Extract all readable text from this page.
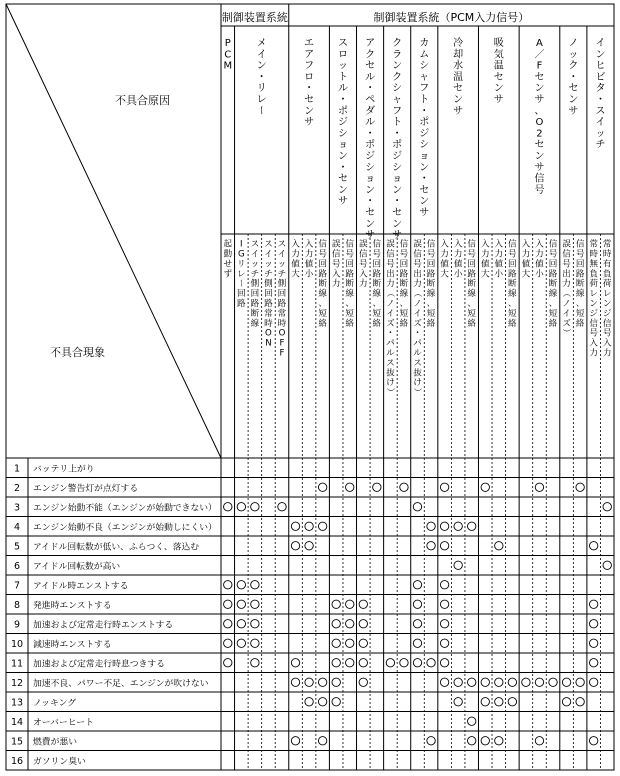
制御装置系統	制御装置系統（PCM入力信号）
不具合原因
不具合現象
P
C
M
メ
イ
ン
・
リ
レ
ー
エ
ア
フ
ロ
・
セ
ン
サ
ス
ロ
ッ
ト
ル
・
ポ
ジ
シ
ョ
ン
・
セ
ン
サ
ア
ク
セ
ル
・
ペ
ダ
ル
・
ポ
ジ
シ
ョ
ン
・
セ
ン
サ
ク
ラ
ン
ク
シ
ャ
フ
ト
・
ポ
ジ
シ
ョ
ン
・
セ
ン
サ
カ
ム
シ
ャ
フ
ト
・
ポ
ジ
シ
ョ
ン
・
セ
ン
サ
冷
却
水
温
セ
ン
サ
吸
気
温
セ
ン
サ
A
／
F
セ
ン
サ
、
O
2
セ
ン
サ
信
号
ノ
ッ
ク
・
セ
ン
サ
イ
ン
ヒ
ビ
タ
・
ス
イ
ッ
チ
起
動
せ
ず
I
G
リ
レ
ー
回
路
ス
イ
ッ
チ
側
回
路
断
線
ス
イ
ッ
チ
側
回
路
常
時
O
N
ス
イ
ッ
チ
側
回
路
常
時
O
F
F
入
力
値
大
入
力
値
小
信
号
回
路
断
線
、
短
絡
誤
信
号
入
力
信
号
回
路
断
線
、
短
絡
誤
信
号
入
力
信
号
回
路
断
線
、
短
絡
誤
信
号
出
力
（
ノ
イ
ズ
・
パ
ル
ス
抜
け
）
信
号
回
路
断
線
、
短
絡
誤
信
号
出
力
（
ノ
イ
ズ
・
パ
ル
ス
抜
け
）
信
号
回
路
断
線
、
短
絡
入
力
値
大
入
力
値
小
信
号
回
路
断
線
、
短
絡
入
力
値
大
入
力
値
小
信
号
回
路
断
線
、
短
絡
入
力
値
大
入
力
値
小
信
号
回
路
断
線
、
短
絡
誤
信
号
出
力
（
ノ
イ
ズ
）
信
号
回
路
断
線
、
短
絡
常
時
無
負
荷
レ
ン
ジ
信
号
入
力
常
時
有
負
荷
レ
ン
ジ
信
号
入
力
1 バッテリ上がり
2 エンジン警告灯が点灯する
3 エンジン始動不能（エンジンが始動できない）
4 エンジン始動不良（エンジンが始動しにくい）
5 アイドル回転数が低い、ふらつく、落込む
6 アイドル回転数が高い
7 アイドル時エンストする
8 発進時エンストする
9 加速および定常走行時エンストする
10 減速時エンストする
11 加速および定常走行時息つきする
12 加速不良、パワー不足、エンジンが吹けない
13 ノッキング
14 オーバーヒート
15 燃費が悪い
16 ガソリン臭い
